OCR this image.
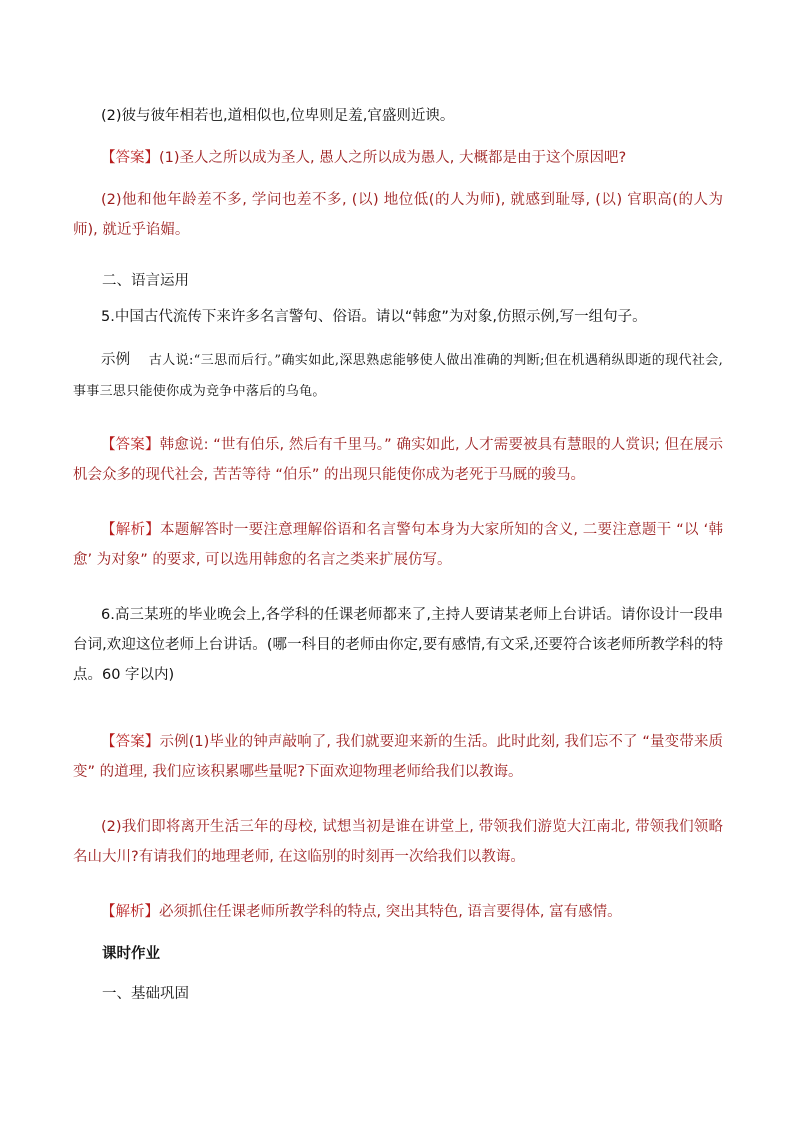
(2)彼与彼年相若也,道相似也,位卑则足羞,官盛则近谀。
【答案】(1)圣人之所以成为圣人, 愚人之所以成为愚人, 大概都是由于这个原因吧?
(2)他和他年龄差不多, 学问也差不多, (以) 地位低(的人为师), 就感到耻辱, (以) 官职高(的人为师), 就近乎谄媚。
二、语言运用
5.中国古代流传下来许多名言警句、俗语。请以“韩愈”为对象,仿照示例,写一组句子。
示例 古人说:“三思而后行。”确实如此,深思熟虑能够使人做出准确的判断;但在机遇稍纵即逝的现代社会,事事三思只能使你成为竞争中落后的乌龟。
【答案】韩愈说: “世有伯乐, 然后有千里马。” 确实如此, 人才需要被具有慧眼的人赏识; 但在展示机会众多的现代社会, 苦苦等待 “伯乐” 的出现只能使你成为老死于马厩的骏马。
【解析】本题解答时一要注意理解俗语和名言警句本身为大家所知的含义, 二要注意题干 “以 ‘韩愈’ 为对象” 的要求, 可以选用韩愈的名言之类来扩展仿写。
6.高三某班的毕业晚会上,各学科的任课老师都来了,主持人要请某老师上台讲话。请你设计一段串台词,欢迎这位老师上台讲话。(哪一科目的老师由你定,要有感情,有文采,还要符合该老师所教学科的特点。60 字以内)
【答案】示例(1)毕业的钟声敲响了, 我们就要迎来新的生活。此时此刻, 我们忘不了 “量变带来质变” 的道理, 我们应该积累哪些量呢?下面欢迎物理老师给我们以教诲。
(2)我们即将离开生活三年的母校, 试想当初是谁在讲堂上, 带领我们游览大江南北, 带领我们领略名山大川?有请我们的地理老师, 在这临别的时刻再一次给我们以教诲。
【解析】必须抓住任课老师所教学科的特点, 突出其特色, 语言要得体, 富有感情。
课时作业
一、基础巩固
